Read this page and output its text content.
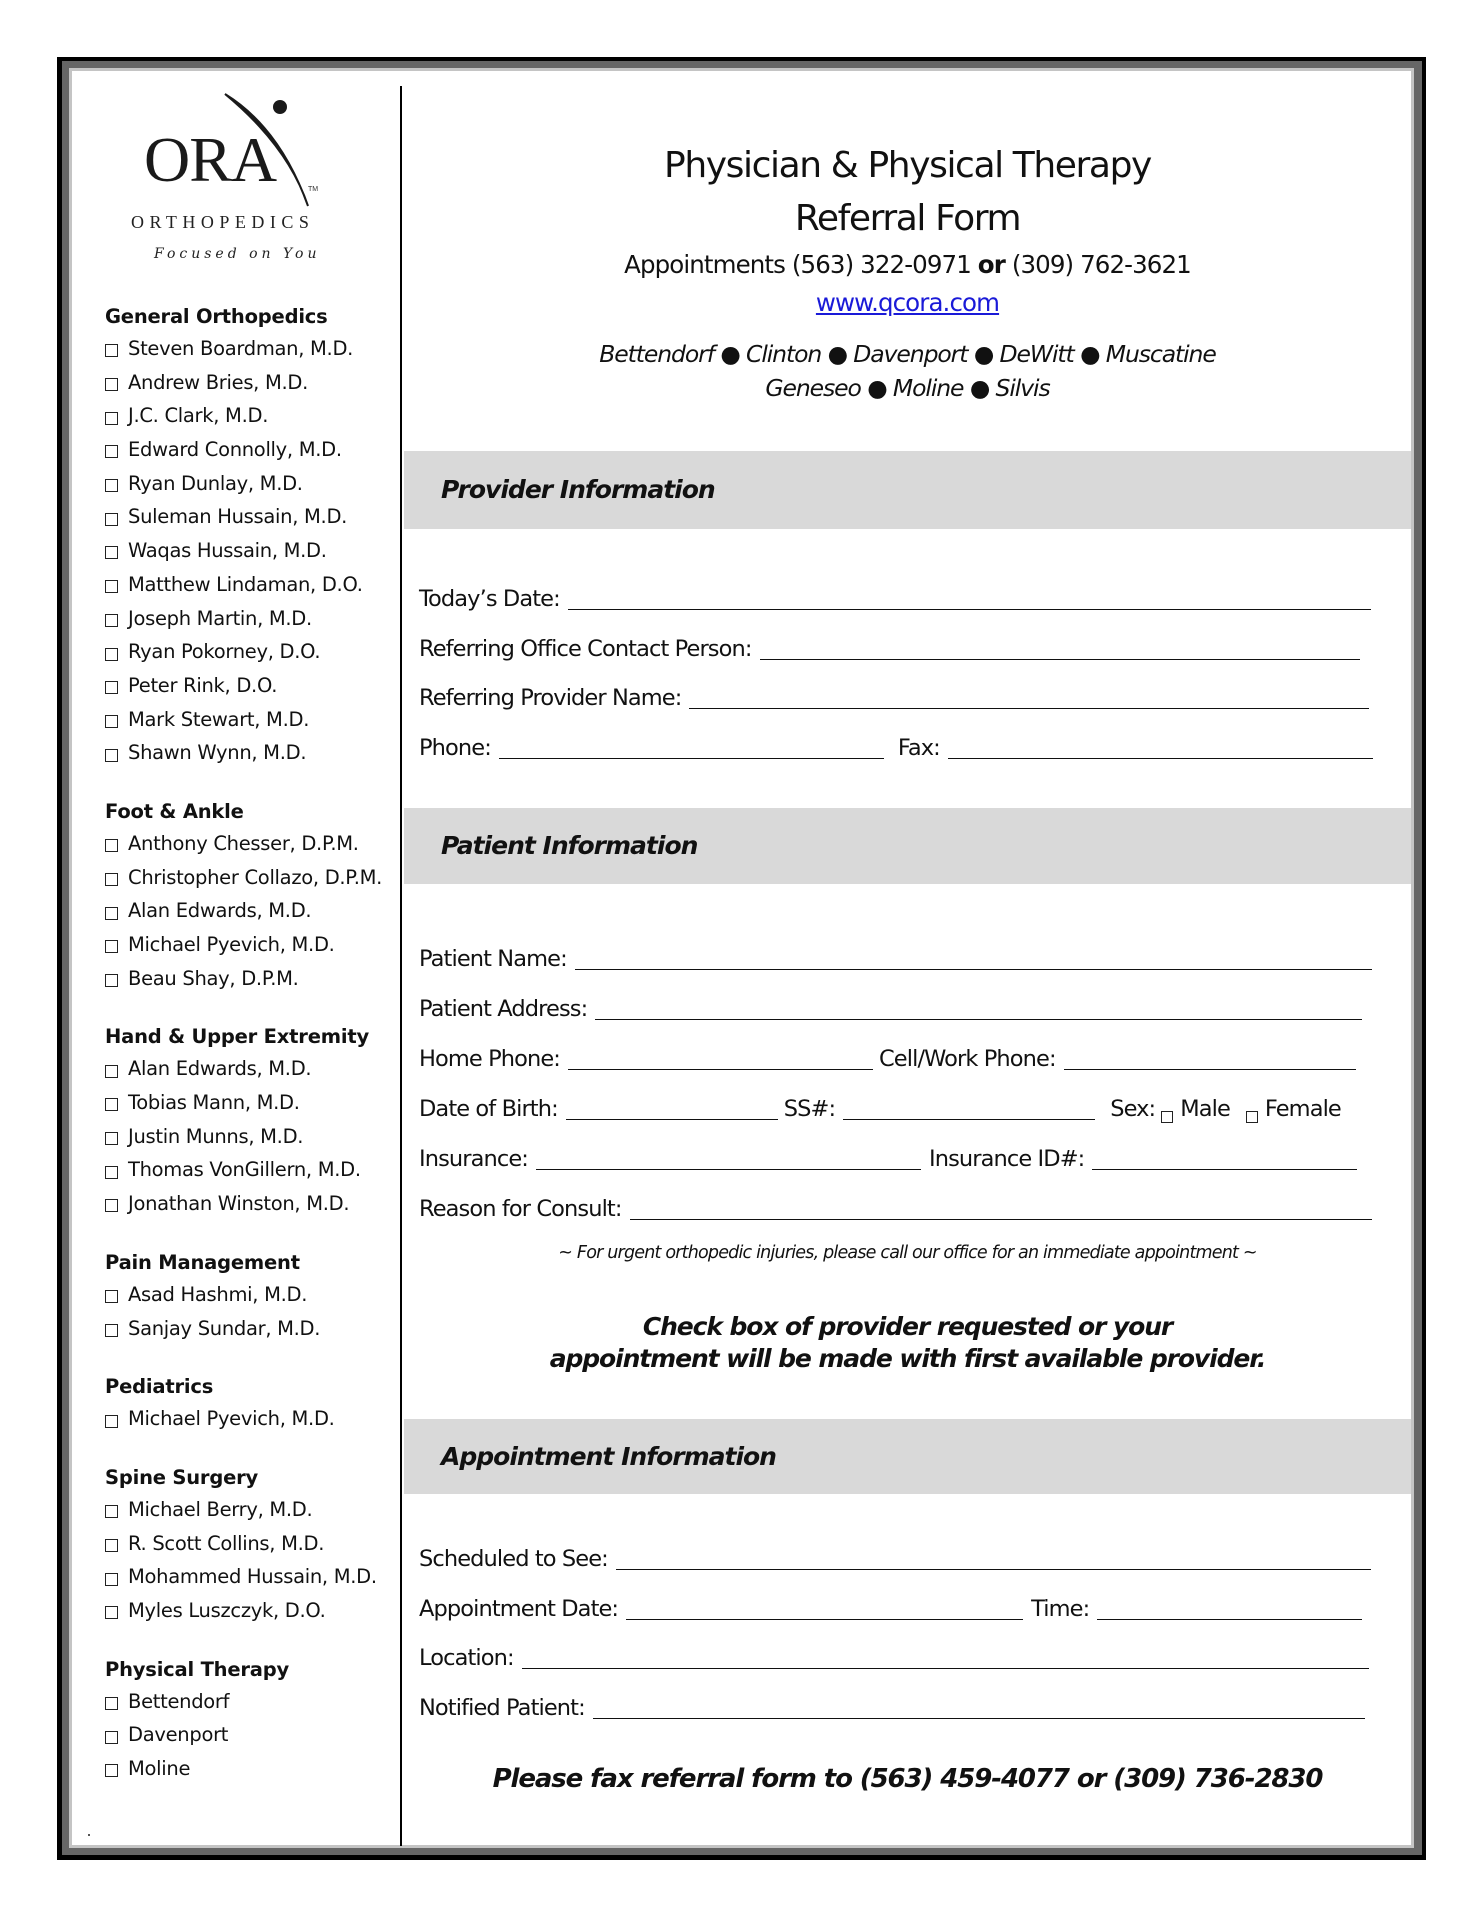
ORA	TM
ORTHOPEDICS
Focused on You
General Orthopedics
Steven Boardman, M.D.
Andrew Bries, M.D.
J.C. Clark, M.D.
Edward Connolly, M.D.
Ryan Dunlay, M.D.
Suleman Hussain, M.D.
Waqas Hussain, M.D.
Matthew Lindaman, D.O.
Joseph Martin, M.D.
Ryan Pokorney, D.O.
Peter Rink, D.O.
Mark Stewart, M.D.
Shawn Wynn, M.D.
Foot & Ankle
Anthony Chesser, D.P.M.
Christopher Collazo, D.P.M.
Alan Edwards, M.D.
Michael Pyevich, M.D.
Beau Shay, D.P.M.
Hand & Upper Extremity
Alan Edwards, M.D.
Tobias Mann, M.D.
Justin Munns, M.D.
Thomas VonGillern, M.D.
Jonathan Winston, M.D.
Pain Management
Asad Hashmi, M.D.
Sanjay Sundar, M.D.
Pediatrics
Michael Pyevich, M.D.
Spine Surgery
Michael Berry, M.D.
R. Scott Collins, M.D.
Mohammed Hussain, M.D.
Myles Luszczyk, D.O.
Physical Therapy
Bettendorf
Davenport
Moline
Physician & Physical Therapy
Referral Form
Appointments (563) 322-0971 or (309) 762-3621
www.qcora.com
Bettendorf ● Clinton ● Davenport ● DeWitt ● Muscatine
Geneseo ● Moline ● Silvis
Provider Information
Today’s Date:
Referring Office Contact Person:
Referring Provider Name:
Phone:	Fax:
Patient Information
Patient Name:
Patient Address:
Home Phone:	Cell/Work Phone:
Date of Birth:	SS#:	Sex: Male	Female
Insurance:	Insurance ID#:
Reason for Consult:
~ For urgent orthopedic injuries, please call our office for an immediate appointment ~
Check box of provider requested or your
appointment will be made with first available provider.
Appointment Information
Scheduled to See:
Appointment Date:	Time:
Location:
Notified Patient:
Please fax referral form to (563) 459-4077 or (309) 736-2830
